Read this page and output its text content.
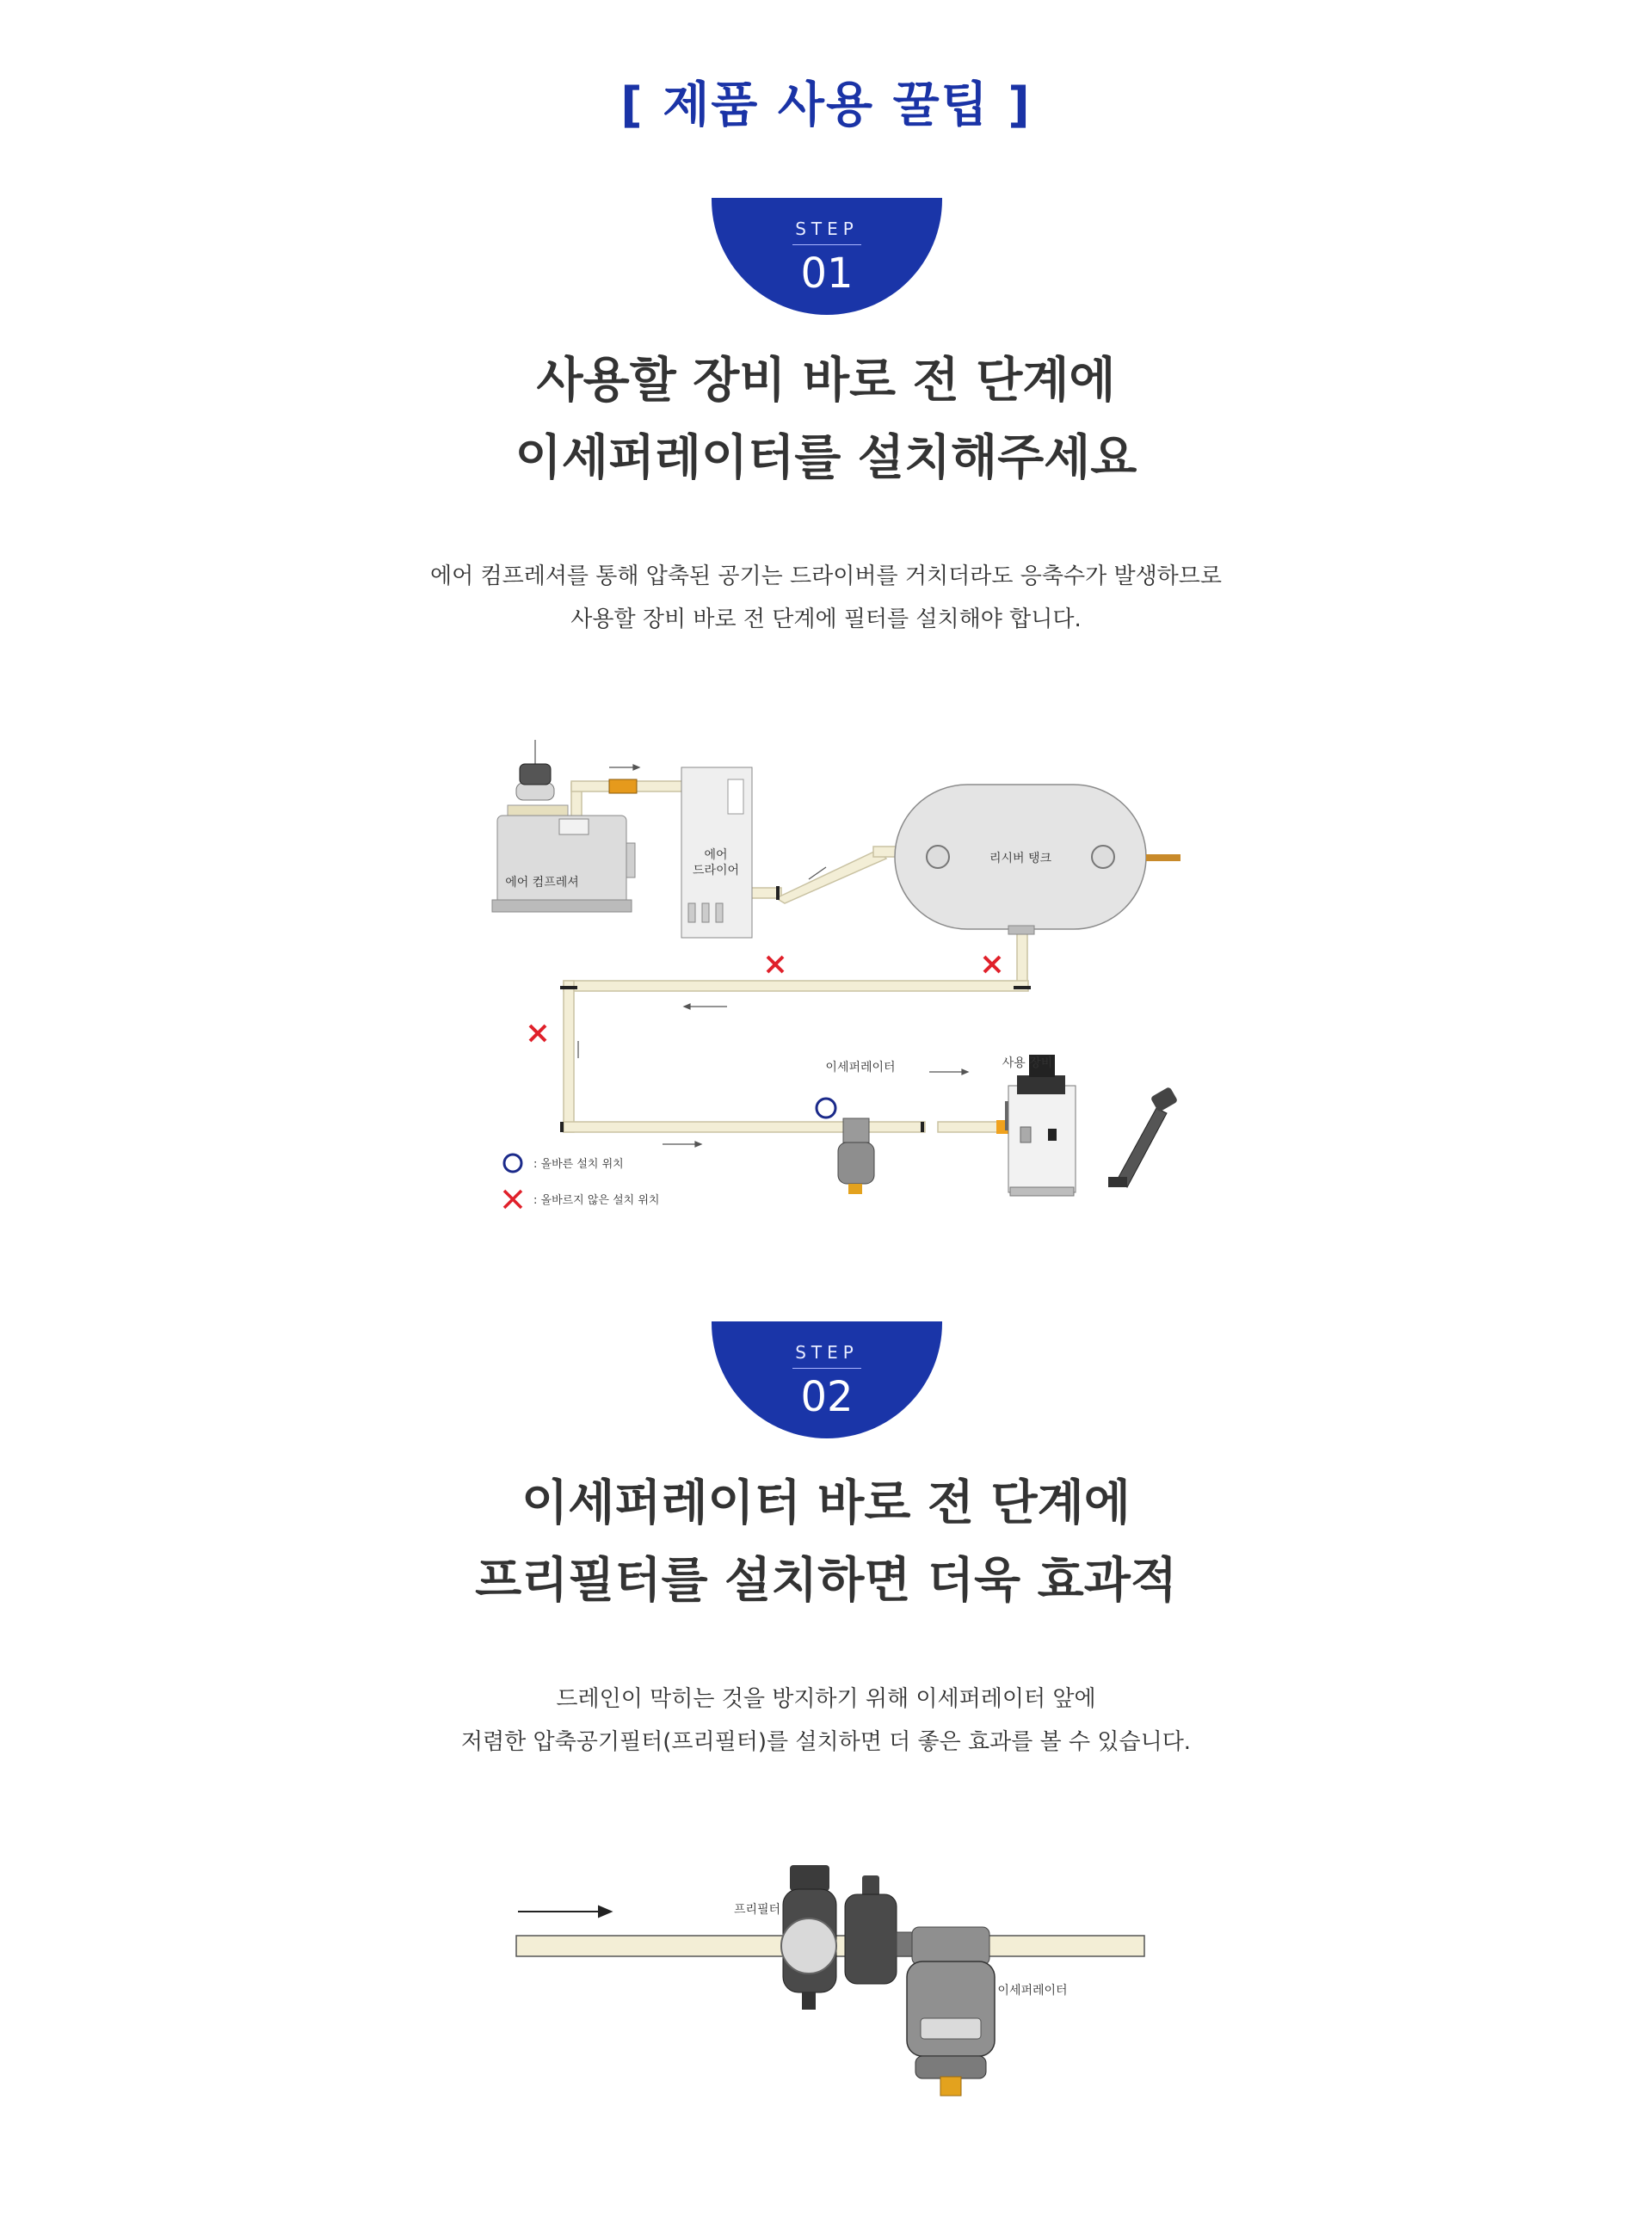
[ 제품 사용 꿀팁 ]
STEP
01
사용할 장비 바로 전 단계에
이세퍼레이터를 설치해주세요
에어 컴프레셔를 통해 압축된 공기는 드라이버를 거치더라도 응축수가 발생하므로
사용할 장비 바로 전 단계에 필터를 설치해야 합니다.
에어 컴프레셔
에어
드라이어
리시버 탱크
이세퍼레이터	사용 장비
: 올바른 설치 위치
: 올바르지 않은 설치 위치
STEP
02
이세퍼레이터 바로 전 단계에
프리필터를 설치하면 더욱 효과적
드레인이 막히는 것을 방지하기 위해 이세퍼레이터 앞에
저렴한 압축공기필터(프리필터)를 설치하면 더 좋은 효과를 볼 수 있습니다.
프리필터
이세퍼레이터
